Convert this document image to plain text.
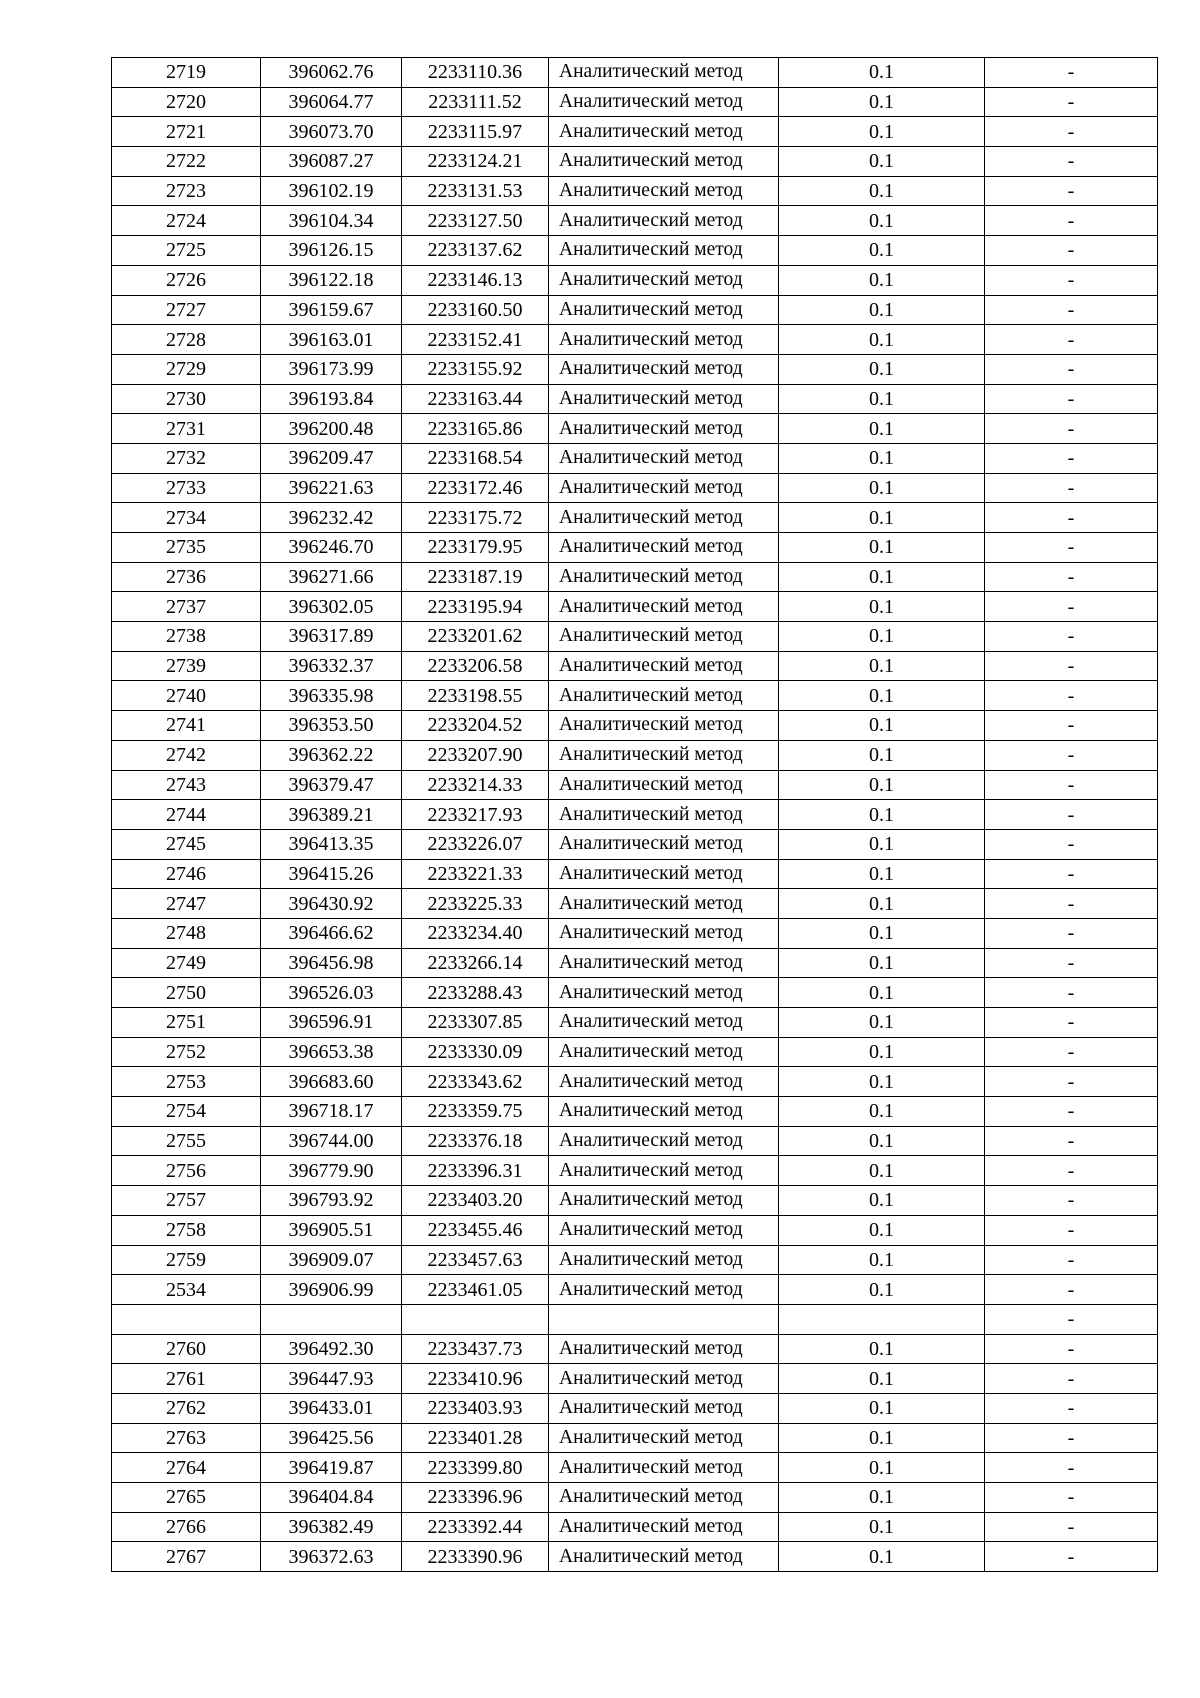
2719	396062.76	2233110.36	Аналитический метод	0.1	-
2720	396064.77	2233111.52	Аналитический метод	0.1	-
2721	396073.70	2233115.97	Аналитический метод	0.1	-
2722	396087.27	2233124.21	Аналитический метод	0.1	-
2723	396102.19	2233131.53	Аналитический метод	0.1	-
2724	396104.34	2233127.50	Аналитический метод	0.1	-
2725	396126.15	2233137.62	Аналитический метод	0.1	-
2726	396122.18	2233146.13	Аналитический метод	0.1	-
2727	396159.67	2233160.50	Аналитический метод	0.1	-
2728	396163.01	2233152.41	Аналитический метод	0.1	-
2729	396173.99	2233155.92	Аналитический метод	0.1	-
2730	396193.84	2233163.44	Аналитический метод	0.1	-
2731	396200.48	2233165.86	Аналитический метод	0.1	-
2732	396209.47	2233168.54	Аналитический метод	0.1	-
2733	396221.63	2233172.46	Аналитический метод	0.1	-
2734	396232.42	2233175.72	Аналитический метод	0.1	-
2735	396246.70	2233179.95	Аналитический метод	0.1	-
2736	396271.66	2233187.19	Аналитический метод	0.1	-
2737	396302.05	2233195.94	Аналитический метод	0.1	-
2738	396317.89	2233201.62	Аналитический метод	0.1	-
2739	396332.37	2233206.58	Аналитический метод	0.1	-
2740	396335.98	2233198.55	Аналитический метод	0.1	-
2741	396353.50	2233204.52	Аналитический метод	0.1	-
2742	396362.22	2233207.90	Аналитический метод	0.1	-
2743	396379.47	2233214.33	Аналитический метод	0.1	-
2744	396389.21	2233217.93	Аналитический метод	0.1	-
2745	396413.35	2233226.07	Аналитический метод	0.1	-
2746	396415.26	2233221.33	Аналитический метод	0.1	-
2747	396430.92	2233225.33	Аналитический метод	0.1	-
2748	396466.62	2233234.40	Аналитический метод	0.1	-
2749	396456.98	2233266.14	Аналитический метод	0.1	-
2750	396526.03	2233288.43	Аналитический метод	0.1	-
2751	396596.91	2233307.85	Аналитический метод	0.1	-
2752	396653.38	2233330.09	Аналитический метод	0.1	-
2753	396683.60	2233343.62	Аналитический метод	0.1	-
2754	396718.17	2233359.75	Аналитический метод	0.1	-
2755	396744.00	2233376.18	Аналитический метод	0.1	-
2756	396779.90	2233396.31	Аналитический метод	0.1	-
2757	396793.92	2233403.20	Аналитический метод	0.1	-
2758	396905.51	2233455.46	Аналитический метод	0.1	-
2759	396909.07	2233457.63	Аналитический метод	0.1	-
2534	396906.99	2233461.05	Аналитический метод	0.1	-
					-
2760	396492.30	2233437.73	Аналитический метод	0.1	-
2761	396447.93	2233410.96	Аналитический метод	0.1	-
2762	396433.01	2233403.93	Аналитический метод	0.1	-
2763	396425.56	2233401.28	Аналитический метод	0.1	-
2764	396419.87	2233399.80	Аналитический метод	0.1	-
2765	396404.84	2233396.96	Аналитический метод	0.1	-
2766	396382.49	2233392.44	Аналитический метод	0.1	-
2767	396372.63	2233390.96	Аналитический метод	0.1	-
